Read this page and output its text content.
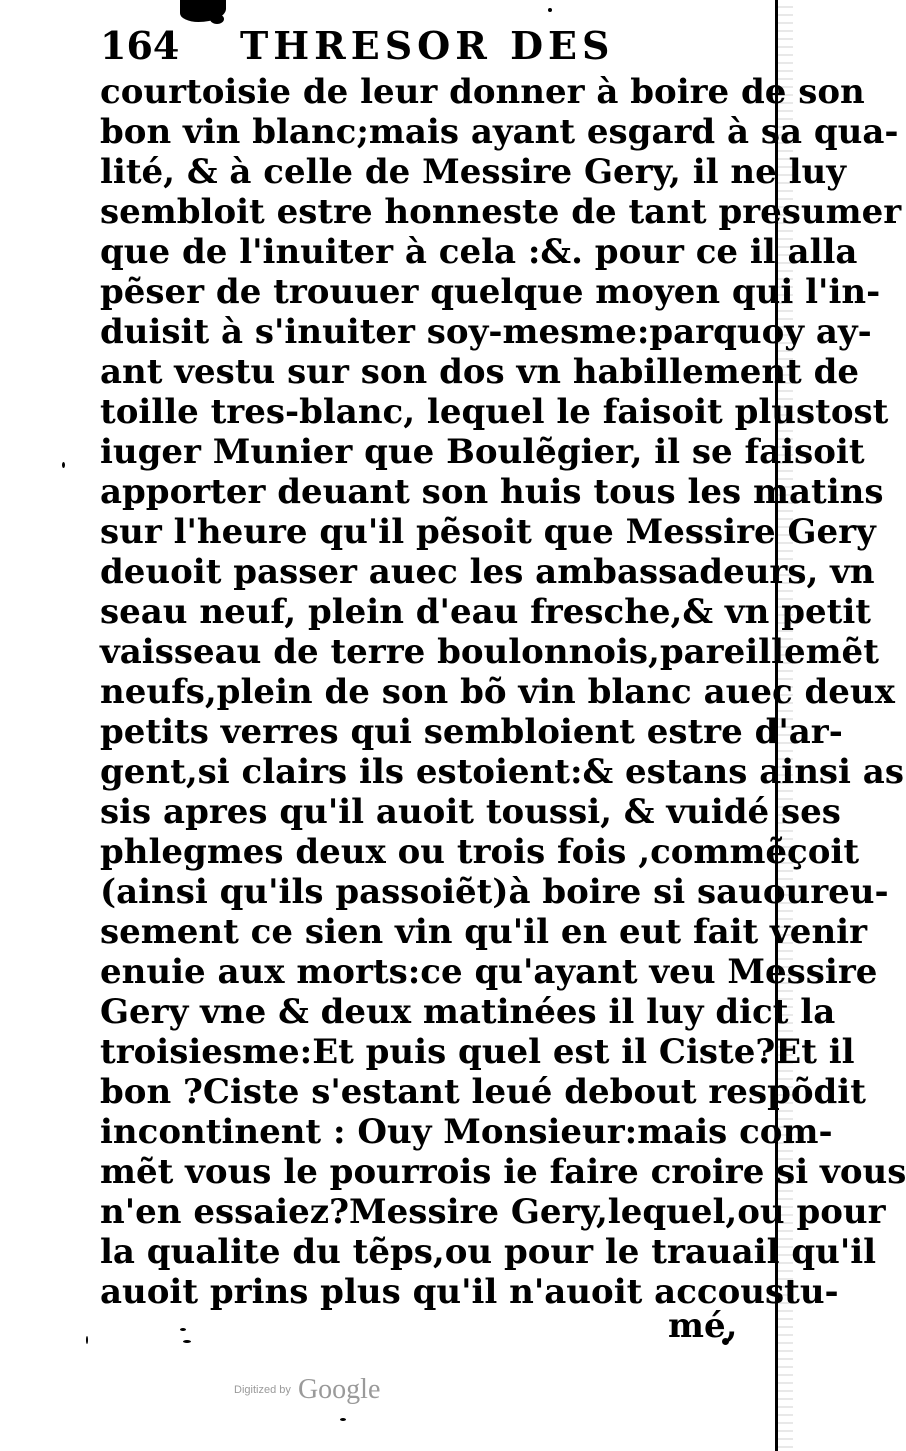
164 THRESOR DES
courtoisie de leur donner à boire de son
bon vin blanc;mais ayant esgard à sa qua-
lité, & à celle de Messire Gery, il ne luy
sembloit estre honneste de tant presumer
que de l'inuiter à cela :&. pour ce il alla
pẽser de trouuer quelque moyen qui l'in-
duisit à s'inuiter soy-mesme:parquoy ay-
ant vestu sur son dos vn habillement de
toille tres-blanc, lequel le faisoit plustost
iuger Munier que Boulẽgier, il se faisoit
apporter deuant son huis tous les matins
sur l'heure qu'il pẽsoit que Messire Gery
deuoit passer auec les ambassadeurs, vn
seau neuf, plein d'eau fresche,& vn petit
vaisseau de terre boulonnois,pareillemẽt
neufs,plein de son bõ vin blanc auec deux
petits verres qui sembloient estre d'ar-
gent,si clairs ils estoient:& estans ainsi as
sis apres qu'il auoit toussi, & vuidé ses
phlegmes deux ou trois fois ,commẽçoit
(ainsi qu'ils passoiẽt)à boire si sauoureu-
sement ce sien vin qu'il en eut fait venir
enuie aux morts:ce qu'ayant veu Messire
Gery vne & deux matinées il luy dict la
troisiesme:Et puis quel est il Ciste?Et il
bon ?Ciste s'estant leué debout respõdit
incontinent : Ouy Monsieur:mais com-
mẽt vous le pourrois ie faire croire si vous
n'en essaiez?Messire Gery,lequel,ou pour
la qualite du tẽps,ou pour le trauail qu'il
auoit prins plus qu'il n'auoit accoustu-
mé,
Digitized by Google
